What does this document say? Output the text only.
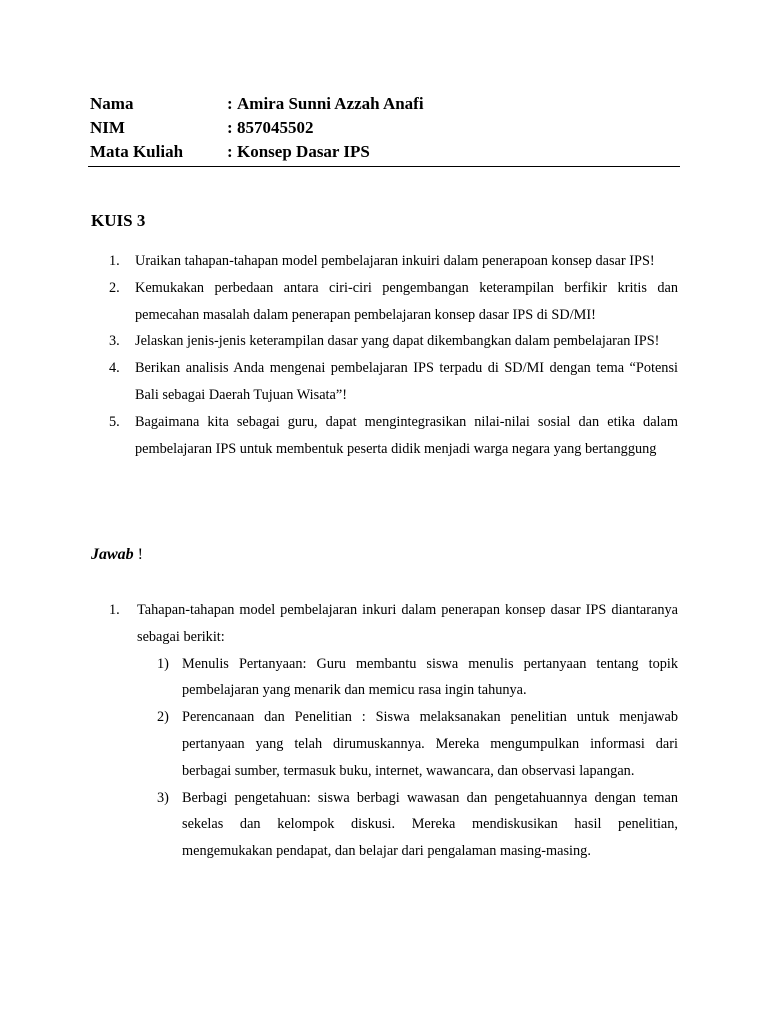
Nama	: Amira Sunni Azzah Anafi
NIM	: 857045502
Mata Kuliah	: Konsep Dasar IPS
KUIS 3
1.	Uraikan tahapan-tahapan model pembelajaran inkuiri dalam penerapoan konsep dasar IPS!
2.	Kemukakan perbedaan antara ciri-ciri pengembangan keterampilan berfikir kritis dan pemecahan masalah dalam penerapan pembelajaran konsep dasar IPS di SD/MI!
3.	Jelaskan jenis-jenis keterampilan dasar yang dapat dikembangkan dalam pembelajaran IPS!
4.	Berikan analisis Anda mengenai pembelajaran IPS terpadu di SD/MI dengan tema “Potensi Bali sebagai Daerah Tujuan Wisata”!
5.	Bagaimana kita sebagai guru, dapat mengintegrasikan nilai-nilai sosial dan etika dalam pembelajaran IPS untuk membentuk peserta didik menjadi warga negara yang bertanggung
Jawab !
1.	Tahapan-tahapan model pembelajaran inkuri dalam penerapan konsep dasar IPS diantaranya sebagai berikit:
1) Menulis Pertanyaan: Guru membantu siswa menulis pertanyaan tentang topik pembelajaran yang menarik dan memicu rasa ingin tahunya.
2) Perencanaan dan Penelitian : Siswa melaksanakan penelitian untuk menjawab pertanyaan yang telah dirumuskannya. Mereka mengumpulkan informasi dari berbagai sumber, termasuk buku, internet, wawancara, dan observasi lapangan.
3) Berbagi pengetahuan: siswa berbagi wawasan dan pengetahuannya dengan teman sekelas dan kelompok diskusi. Mereka mendiskusikan hasil penelitian, mengemukakan pendapat, dan belajar dari pengalaman masing-masing.
